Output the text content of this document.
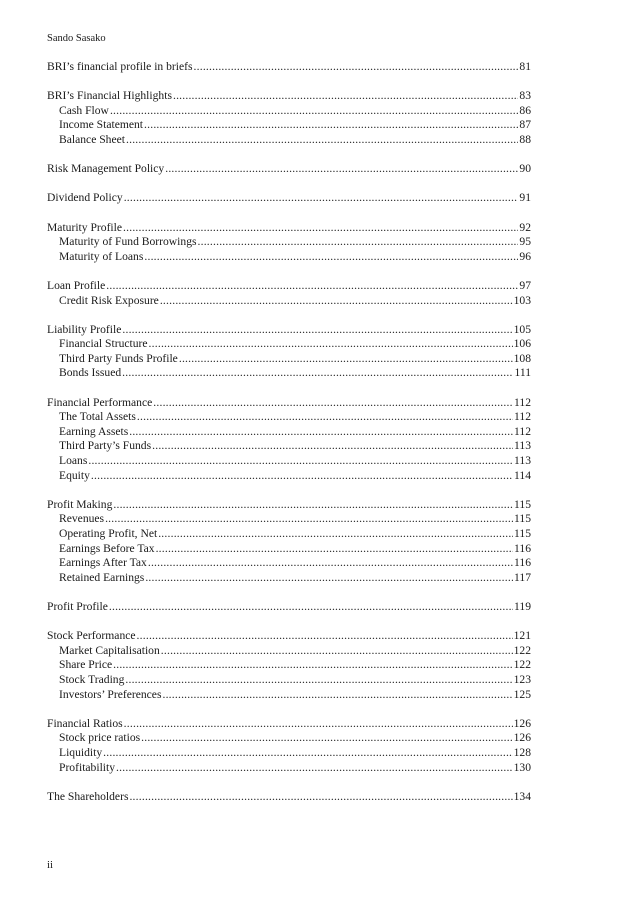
Sando Sasako
BRI’s financial profile in briefs .....	81
BRI’s Financial Highlights .....	83
Cash Flow .....	86
Income Statement .....	87
Balance Sheet .....	88
Risk Management Policy .....	90
Dividend Policy .....	91
Maturity Profile .....	92
Maturity of Fund Borrowings .....	95
Maturity of Loans .....	96
Loan Profile .....	97
Credit Risk Exposure .....	103
Liability Profile .....	105
Financial Structure .....	106
Third Party Funds Profile .....	108
Bonds Issued .....	111
Financial Performance .....	112
The Total Assets .....	112
Earning Assets .....	112
Third Party’s Funds .....	113
Loans .....	113
Equity .....	114
Profit Making .....	115
Revenues .....	115
Operating Profit, Net .....	115
Earnings Before Tax .....	116
Earnings After Tax .....	116
Retained Earnings .....	117
Profit Profile .....	119
Stock Performance .....	121
Market Capitalisation .....	122
Share Price .....	122
Stock Trading .....	123
Investors’ Preferences .....	125
Financial Ratios .....	126
Stock price ratios .....	126
Liquidity .....	128
Profitability .....	130
The Shareholders .....	134
ii
